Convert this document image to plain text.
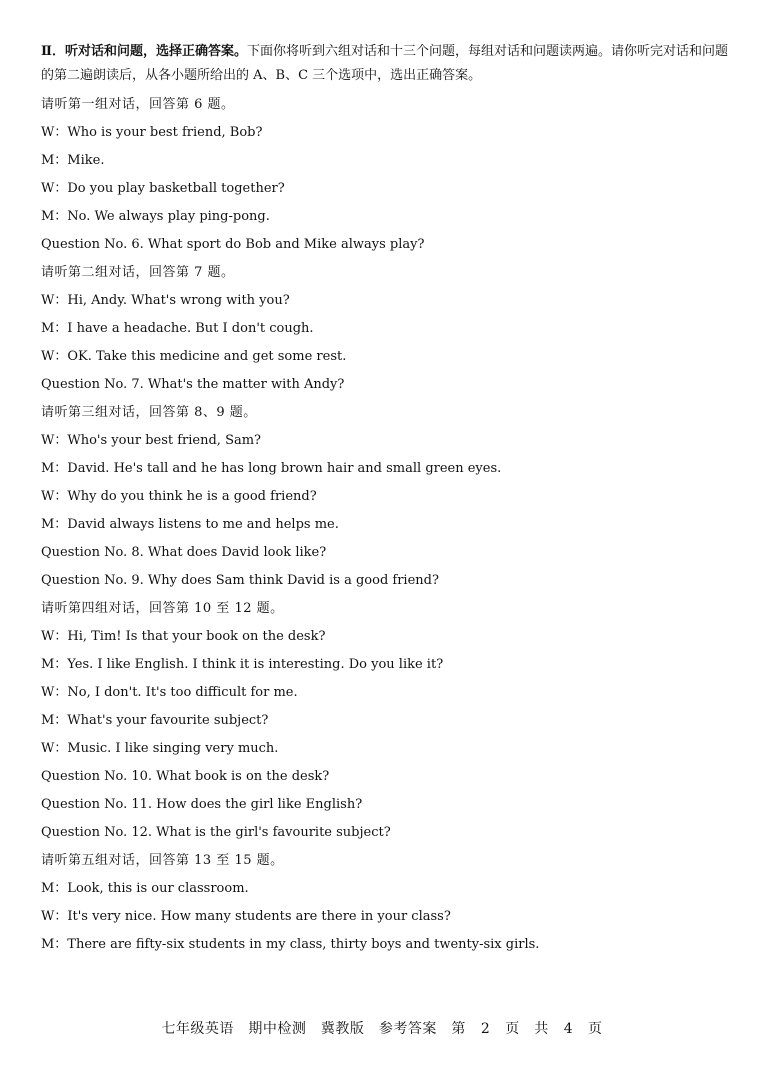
Ⅱ．听对话和问题，选择正确答案。下面你将听到六组对话和十三个问题，每组对话和问题读两遍。请你听完对话和问题的第二遍朗读后，从各小题所给出的 A、B、C 三个选项中，选出正确答案。

请听第一组对话，回答第 6 题。
W：Who is your best friend, Bob?
M：Mike.
W：Do you play basketball together?
M：No. We always play ping-pong.
Question No. 6. What sport do Bob and Mike always play?
请听第二组对话，回答第 7 题。
W：Hi, Andy. What's wrong with you?
M：I have a headache. But I don't cough.
W：OK. Take this medicine and get some rest.
Question No. 7. What's the matter with Andy?
请听第三组对话，回答第 8、9 题。
W：Who's your best friend, Sam?
M：David. He's tall and he has long brown hair and small green eyes.
W：Why do you think he is a good friend?
M：David always listens to me and helps me.
Question No. 8. What does David look like?
Question No. 9. Why does Sam think David is a good friend?
请听第四组对话，回答第 10 至 12 题。
W：Hi, Tim! Is that your book on the desk?
M：Yes. I like English. I think it is interesting. Do you like it?
W：No, I don't. It's too difficult for me.
M：What's your favourite subject?
W：Music. I like singing very much.
Question No. 10. What book is on the desk?
Question No. 11. How does the girl like English?
Question No. 12. What is the girl's favourite subject?
请听第五组对话，回答第 13 至 15 题。
M：Look, this is our classroom.
W：It's very nice. How many students are there in your class?
M：There are fifty-six students in my class, thirty boys and twenty-six girls.
七年级英语　期中检测　冀教版　参考答案　第 2 页　共 4 页
